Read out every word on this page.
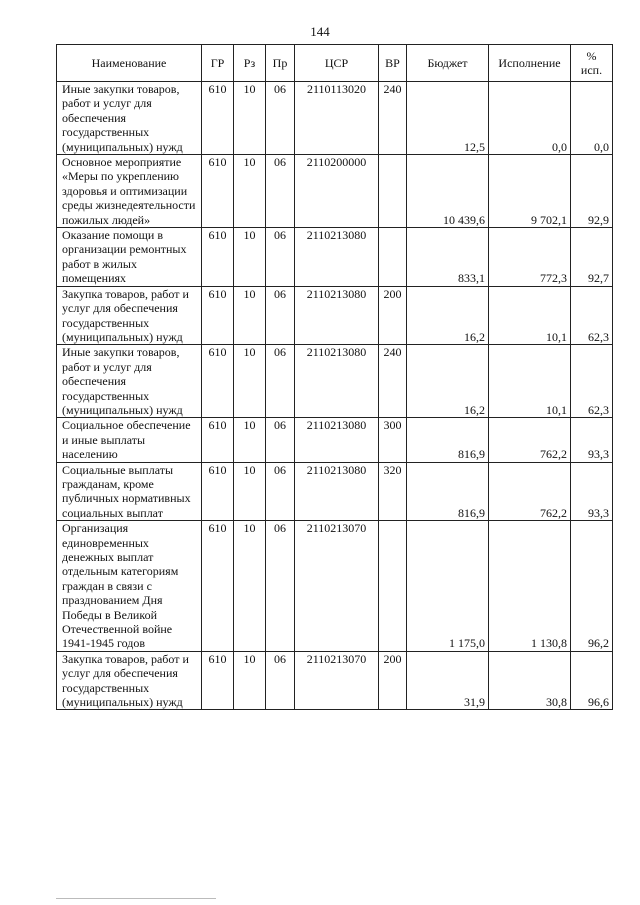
144
Наименование	ГР	Рз	Пр	ЦСР	ВР	Бюджет	Исполнение	%
исп.

Иные закупки товаров, работ и услуг для обеспечения государственных (муниципальных) нужд	610	10	06	2110113020	240	12,5	0,0	0,0
Основное мероприятие «Меры по укреплению здоровья и оптимизации среды жизнедеятельности пожилых людей»	610	10	06	2110200000		10 439,6	9 702,1	92,9
Оказание помощи в организации ремонтных работ в жилых помещениях	610	10	06	2110213080		833,1	772,3	92,7
Закупка товаров, работ и услуг для обеспечения государственных (муниципальных) нужд	610	10	06	2110213080	200	16,2	10,1	62,3
Иные закупки товаров, работ и услуг для обеспечения государственных (муниципальных) нужд	610	10	06	2110213080	240	16,2	10,1	62,3
Социальное обеспечение и иные выплаты населению	610	10	06	2110213080	300	816,9	762,2	93,3
Социальные выплаты гражданам, кроме публичных нормативных социальных выплат	610	10	06	2110213080	320	816,9	762,2	93,3
Организация единовременных денежных выплат отдельным категориям граждан в связи с празднованием Дня Победы в Великой Отечественной войне 1941-1945 годов	610	10	06	2110213070		1 175,0	1 130,8	96,2
Закупка товаров, работ и услуг для обеспечения государственных (муниципальных) нужд	610	10	06	2110213070	200	31,9	30,8	96,6
